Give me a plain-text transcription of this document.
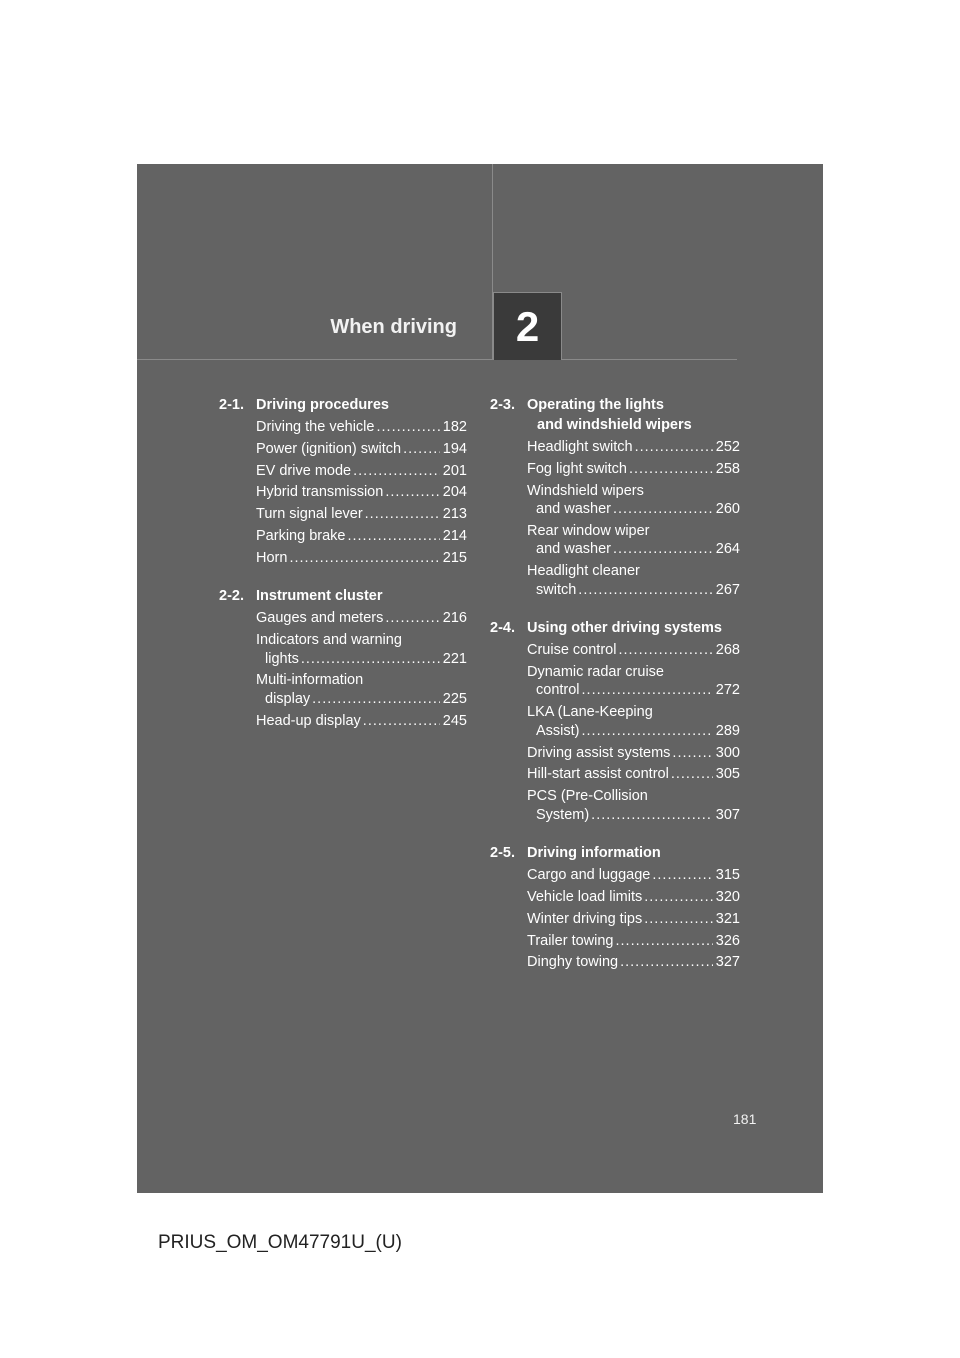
When driving	2
2-1. Driving procedures
Driving the vehicle .....	182
Power (ignition) switch .....	194
EV drive mode .....	201
Hybrid transmission .....	204
Turn signal lever .....	213
Parking brake .....	214
Horn .....	215
2-2. Instrument cluster
Gauges and meters .....	216
Indicators and warning
lights .....	221
Multi-information
display .....	225
Head-up display .....	245
2-3. Operating the lights
and windshield wipers
Headlight switch .....	252
Fog light switch .....	258
Windshield wipers
and washer .....	260
Rear window wiper
and washer .....	264
Headlight cleaner
switch .....	267
2-4. Using other driving systems
Cruise control .....	268
Dynamic radar cruise
control .....	272
LKA (Lane-Keeping
Assist) .....	289
Driving assist systems .....	300
Hill-start assist control .....	305
PCS (Pre-Collision
System) .....	307
2-5. Driving information
Cargo and luggage .....	315
Vehicle load limits .....	320
Winter driving tips .....	321
Trailer towing .....	326
Dinghy towing .....	327
181
PRIUS_OM_OM47791U_(U)
